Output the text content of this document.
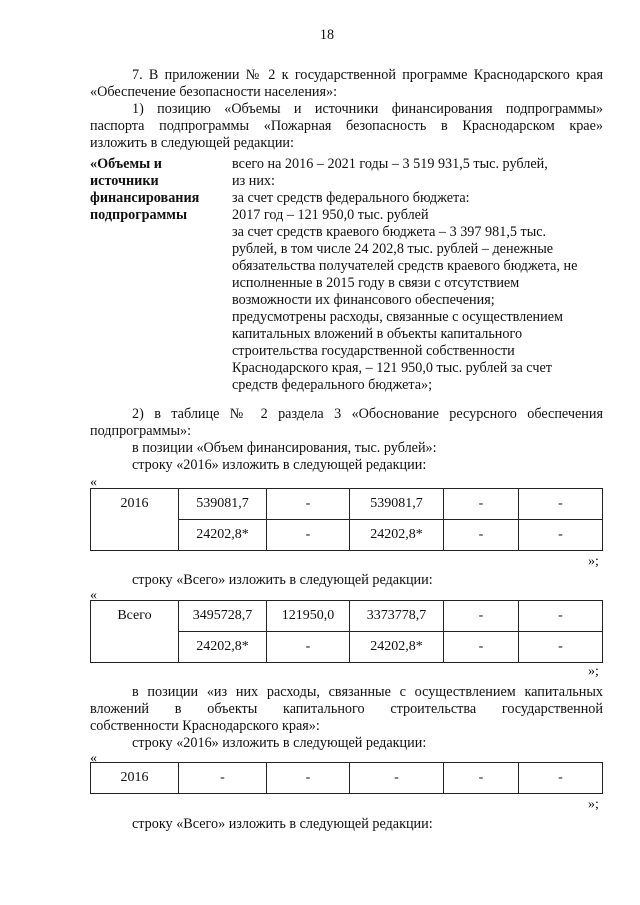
18
7. В приложении № 2 к государственной программе Краснодарского края
«Обеспечение безопасности населения»:
1) позицию «Объемы и источники финансирования подпрограммы»
паспорта подпрограммы «Пожарная безопасность в Краснодарском крае»
изложить в следующей редакции:
«Объемы и
источники
финансирования
подпрограммы
всего на 2016 – 2021 годы – 3 519 931,5 тыс. рублей,
из них:
за счет средств федерального бюджета:
2017 год – 121 950,0 тыс. рублей
за счет средств краевого бюджета – 3 397 981,5 тыс.
рублей, в том числе 24 202,8 тыс. рублей – денежные
обязательства получателей средств краевого бюджета, не
исполненные в 2015 году в связи с отсутствием
возможности их финансового обеспечения;
предусмотрены расходы, связанные с осуществлением
капитальных вложений в объекты капитального
строительства государственной собственности
Краснодарского края, – 121 950,0 тыс. рублей за счет
средств федерального бюджета»;
2) в таблице № 2 раздела 3 «Обоснование ресурсного обеспечения
подпрограммы»:
в позиции «Объем финансирования, тыс. рублей»:
строку «2016» изложить в следующей редакции:
«
2016	539081,7	-	539081,7	-	-
	24202,8*	-	24202,8*	-	-
»;
строку «Всего» изложить в следующей редакции:
«
Всего	3495728,7	121950,0	3373778,7	-	-
	24202,8*	-	24202,8*	-	-
»;
в позиции «из них расходы, связанные с осуществлением капитальных
вложений в объекты капитального строительства государственной
собственности Краснодарского края»:
строку «2016» изложить в следующей редакции:
«
2016	-	-	-	-	-
»;
строку «Всего» изложить в следующей редакции:
